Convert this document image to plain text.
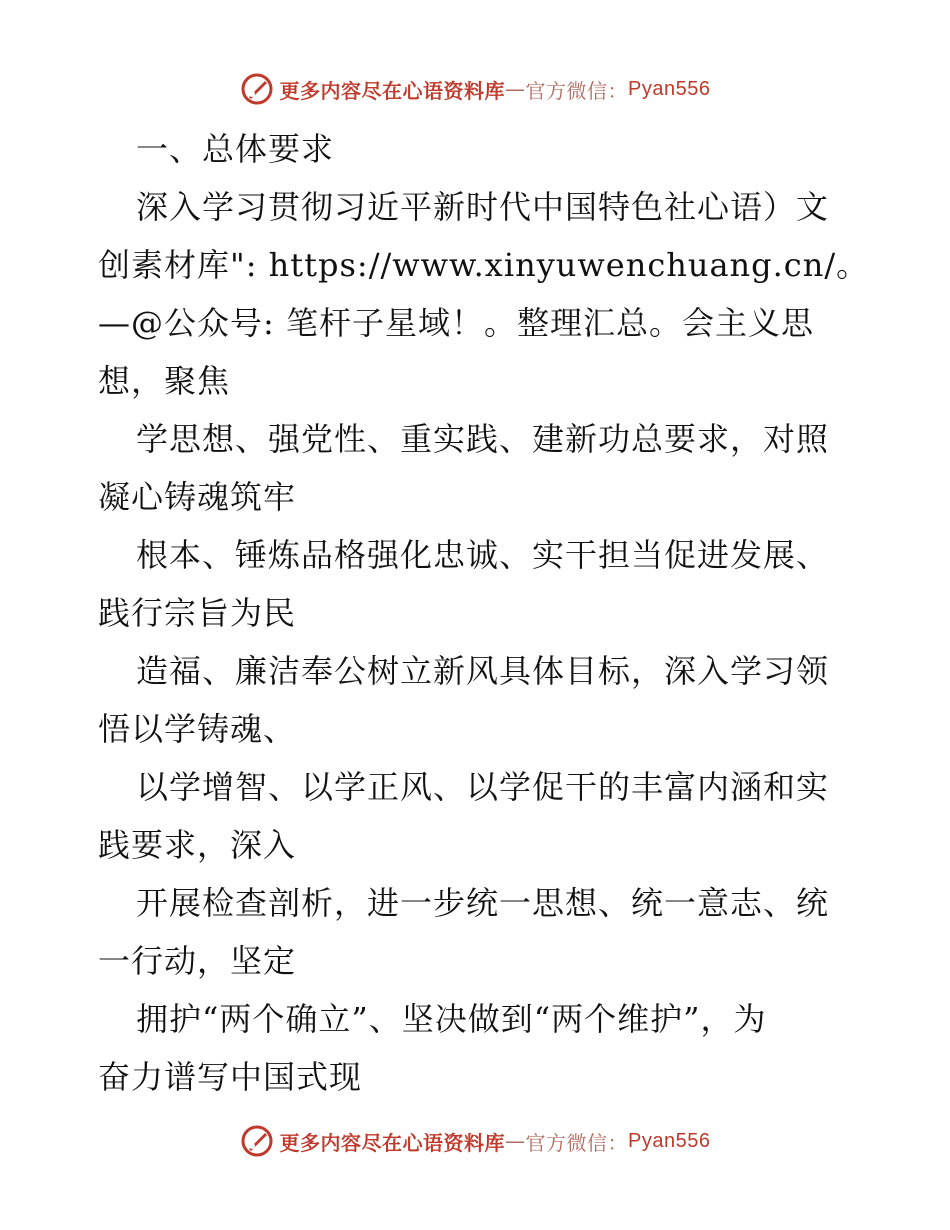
更多内容尽在心语资料库 — 官方微信： Pyan556
一、总体要求
深入学习贯彻习近平新时代中国特色社心语）文
创素材库": https://www.xinyuwenchuang.cn/。
—@公众号: 笔杆子星域！。整理汇总。会主义思
想，聚焦
学思想、强党性、重实践、建新功总要求，对照
凝心铸魂筑牢
根本、锤炼品格强化忠诚、实干担当促进发展、
践行宗旨为民
造福、廉洁奉公树立新风具体目标，深入学习领
悟以学铸魂、
以学增智、以学正风、以学促干的丰富内涵和实
践要求，深入
开展检查剖析，进一步统一思想、统一意志、统
一行动，坚定
拥护“两个确立”、坚决做到“两个维护”，为
奋力谱写中国式现
更多内容尽在心语资料库 — 官方微信： Pyan556
